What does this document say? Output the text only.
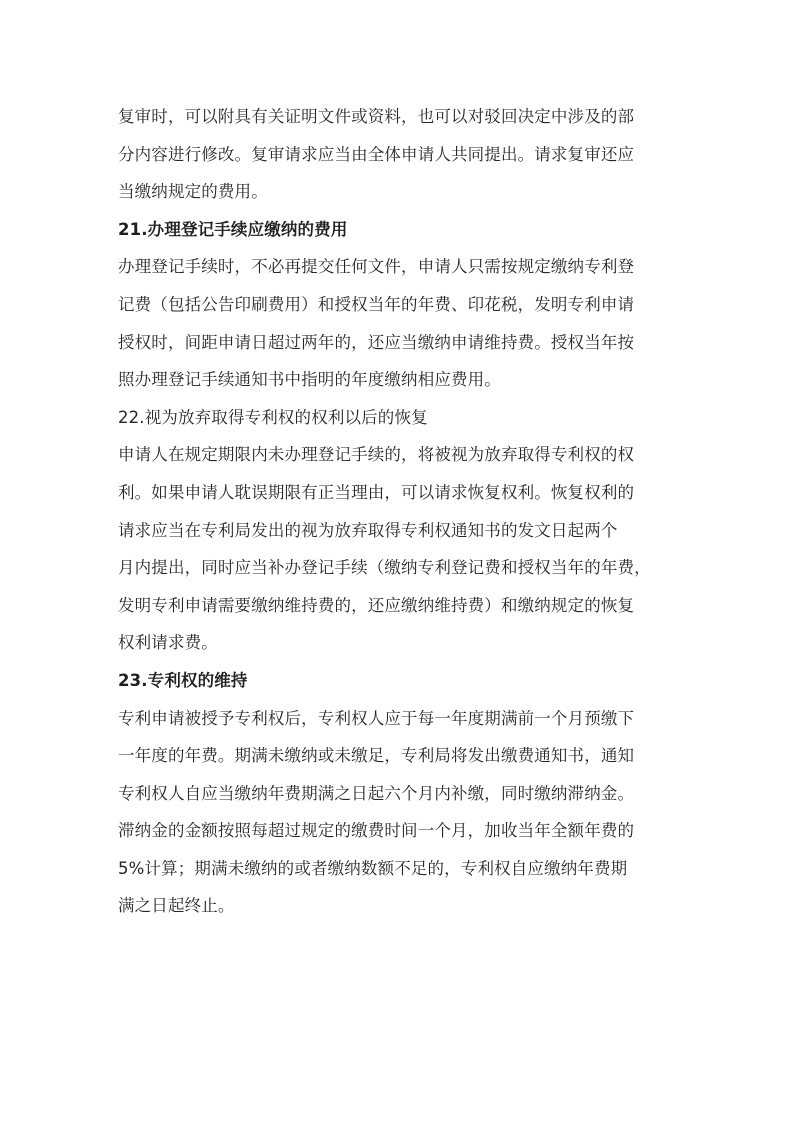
复审时，可以附具有关证明文件或资料，也可以对驳回决定中涉及的部
分内容进行修改。复审请求应当由全体申请人共同提出。请求复审还应
当缴纳规定的费用。
21.办理登记手续应缴纳的费用
办理登记手续时，不必再提交任何文件，申请人只需按规定缴纳专利登
记费（包括公告印刷费用）和授权当年的年费、印花税，发明专利申请
授权时，间距申请日超过两年的，还应当缴纳申请维持费。授权当年按
照办理登记手续通知书中指明的年度缴纳相应费用。
22.视为放弃取得专利权的权利以后的恢复
申请人在规定期限内未办理登记手续的，将被视为放弃取得专利权的权
利。如果申请人耽误期限有正当理由，可以请求恢复权利。恢复权利的
请求应当在专利局发出的视为放弃取得专利权通知书的发文日起两个
月内提出，同时应当补办登记手续（缴纳专利登记费和授权当年的年费，
发明专利申请需要缴纳维持费的，还应缴纳维持费）和缴纳规定的恢复
权利请求费。
23.专利权的维持
专利申请被授予专利权后，专利权人应于每一年度期满前一个月预缴下
一年度的年费。期满未缴纳或未缴足，专利局将发出缴费通知书，通知
专利权人自应当缴纳年费期满之日起六个月内补缴，同时缴纳滞纳金。
滞纳金的金额按照每超过规定的缴费时间一个月，加收当年全额年费的
5%计算；期满未缴纳的或者缴纳数额不足的，专利权自应缴纳年费期
满之日起终止。
